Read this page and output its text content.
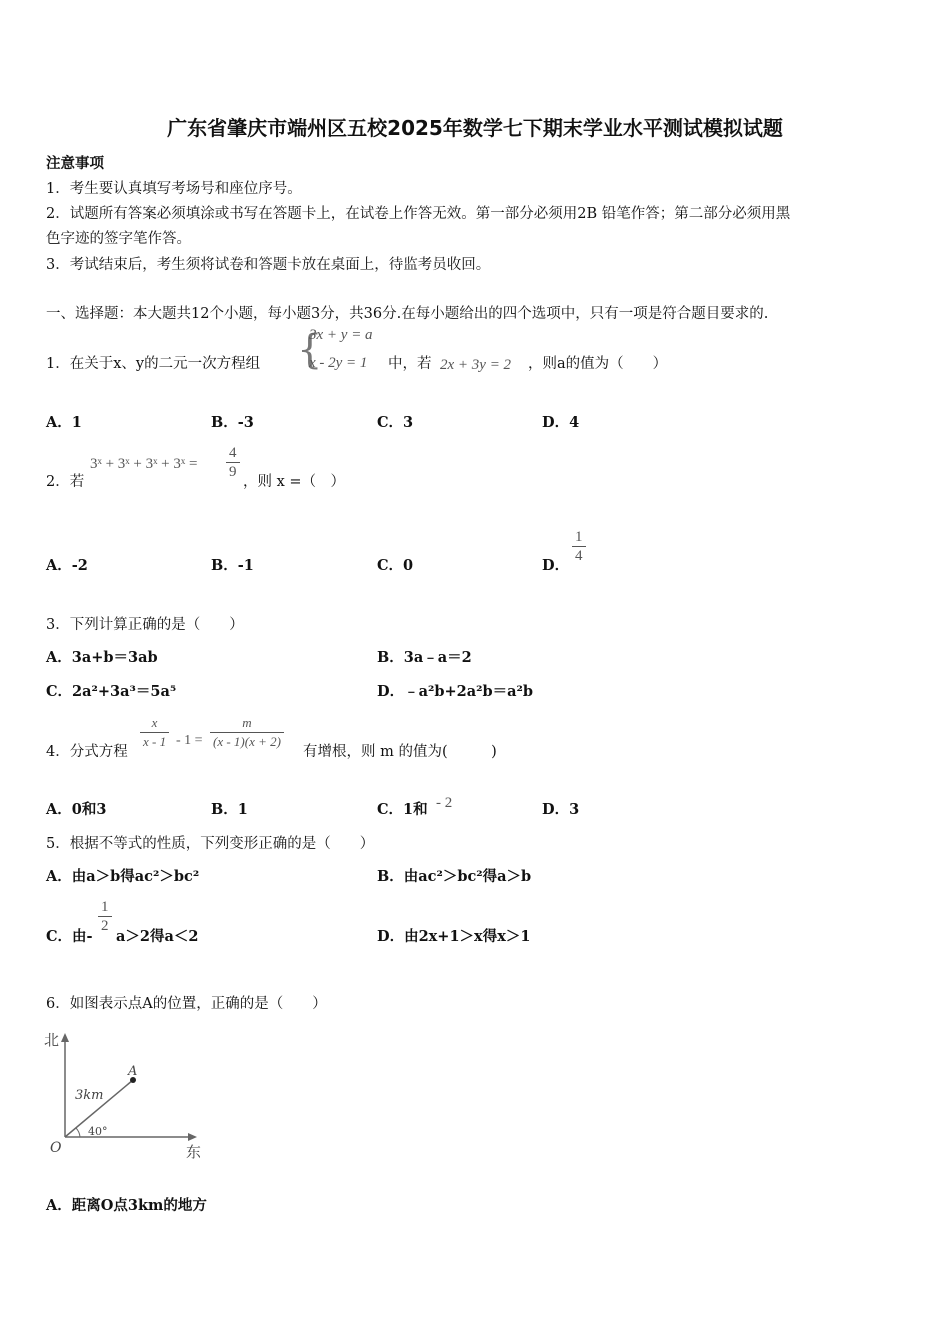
广东省肇庆市端州区五校2025年数学七下期末学业水平测试模拟试题
注意事项
1．考生要认真填写考场号和座位序号。
2．试题所有答案必须填涂或书写在答题卡上，在试卷上作答无效。第一部分必须用2B 铅笔作答；第二部分必须用黑
色字迹的签字笔作答。
3．考试结束后，考生须将试卷和答题卡放在桌面上，待监考员收回。
一、选择题：本大题共12个小题，每小题3分，共36分.在每小题给出的四个选项中，只有一项是符合题目要求的.
1．在关于x、y的二元一次方程组 {
3x + y = a
x - 2y = 1 中，若 2x + 3y = 2 ，则a的值为（　　）
A．1	B．-3	C．3	D．4
2．若
3ˣ + 3ˣ + 3ˣ + 3ˣ = $\frac{4}{9}$
，则 x =（　）
A．-2	B．-1	C．0	D．
$\frac{1}{4}$
3．下列计算正确的是（　　）
A．3a+b＝3ab	B．3a﹣a＝2
C．2a²+3a³＝5a⁵	D．﹣a²b+2a²b＝a²b
4．分式方程
$\frac{x}{x - 1} - 1 = \frac{m}{(x - 1)(x + 2)}$
有增根，则 m 的值为(　　　)
A．0和3	B．1	C．1和 - 2	D．3
5．根据不等式的性质，下列变形正确的是（　　）
A．由a＞b得ac²＞bc²	B．由ac²＞bc²得a＞b
C．由-
$\frac{1}{2}$
a＞2得a＜2	D．由2x+1＞x得x＞1
6．如图表示点A的位置，正确的是（　　）
北
东
O
A
3km
40°
A．距离O点3km的地方
